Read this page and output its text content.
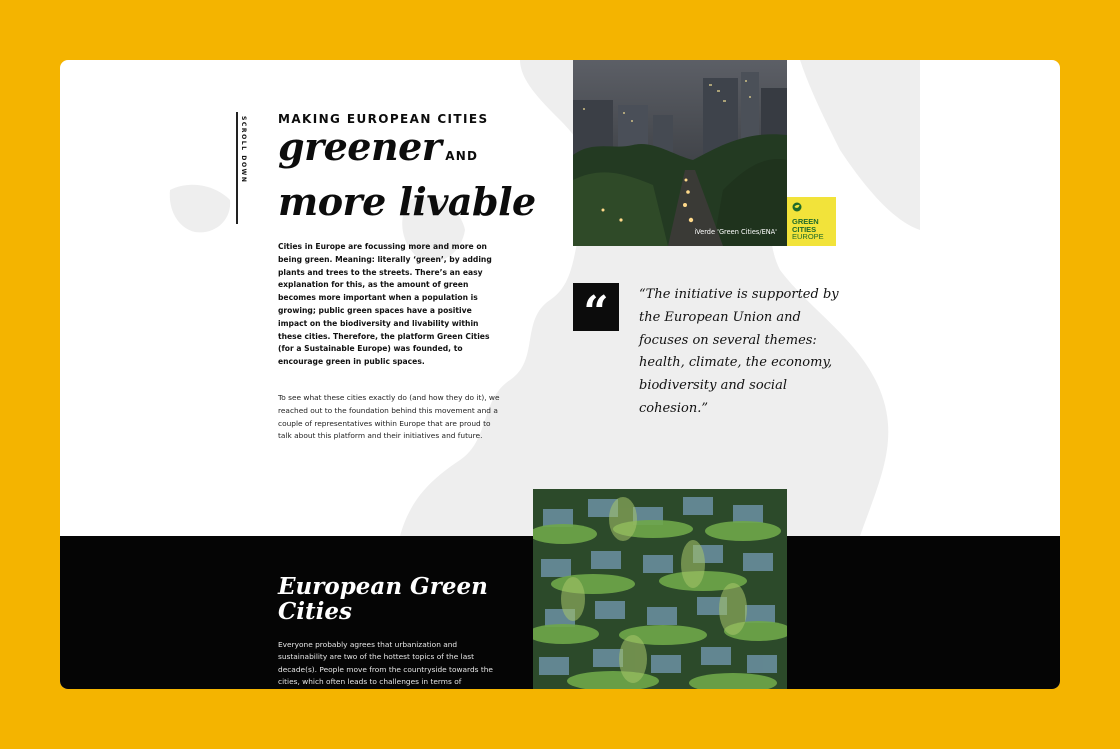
SCROLL DOWN	MAKING EUROPEAN CITIES
greener AND
more livable

Cities in Europe are focussing more and more on being green. Meaning: literally ‘green’, by adding plants and trees to the streets. There’s an easy explanation for this, as the amount of green becomes more important when a population is growing; public green spaces have a positive impact on the biodiversity and livability within these cities. Therefore, the platform Green Cities (for a Sustainable Europe) was founded, to encourage green in public spaces.

To see what these cities exactly do (and how they do it), we reached out to the foundation behind this movement and a couple of representatives within Europe that are proud to talk about this platform and their initiatives and future.

iVerde 'Green Cities/ENA'
GREEN
CITIES
EUROPE
“	“The initiative is supported by the European Union and focuses on several themes: health, climate, the economy, biodiversity and social cohesion.”

European Green Cities

Everyone probably agrees that urbanization and sustainability are two of the hottest topics of the last decade(s). People move from the countryside towards the cities, which often leads to challenges in terms of
